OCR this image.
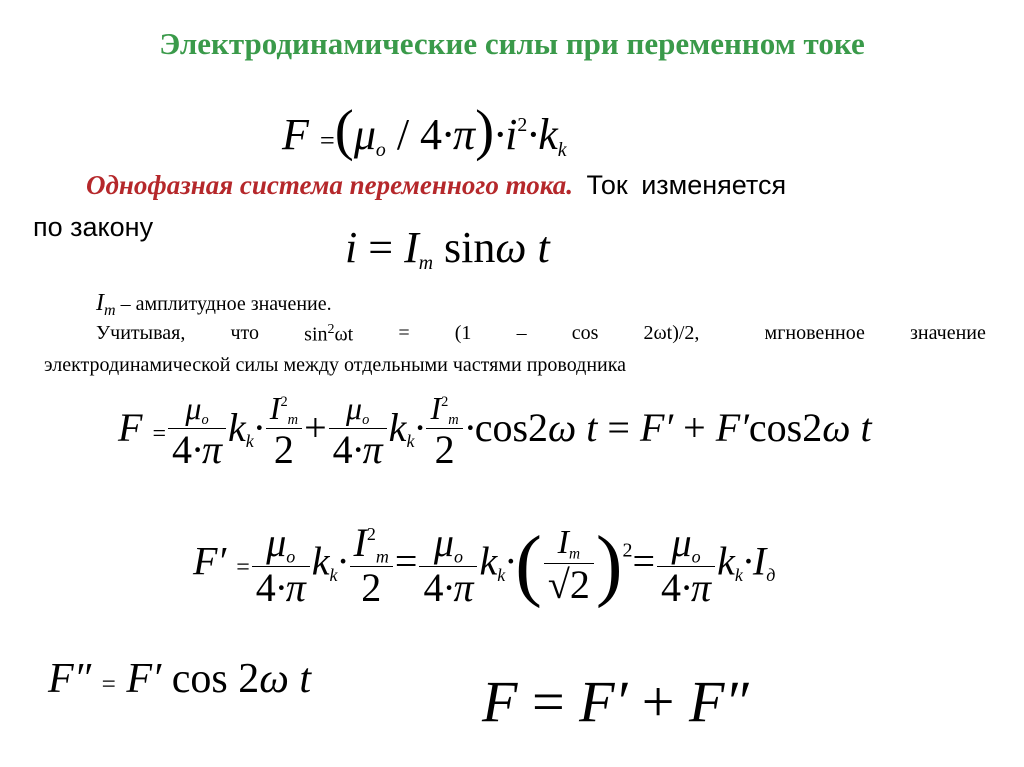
Электродинамические силы при переменном токе
$F =(\mu_o / 4\cdot\pi)\cdot i^2\cdot k_k$
Однофазная система переменного тока. Ток изменяется
по закону	$i = I_m$ sinω t
$I_m$ – амплитудное значение.
Учитывая, что $\sin^2\omega t = (1 - \cos 2\omega t)/2$,	мгновенное значение
электродинамической силы между отдельными частями проводника
$F = \frac{\mu_o}{4\cdot\pi} k_k\cdot \frac{I^2_m}{2} + \frac{\mu_o}{4\cdot\pi} k_k\cdot \frac{I^2_m}{2} \cdot\cos 2\omega$ t = F′ + F′cos2ω t
$F' = \frac{\mu_o}{4\cdot\pi} k_k\cdot \frac{I^2_m}{2} = \frac{\mu_o}{4\cdot\pi} k_k\cdot( \frac{I_m}{√2} )^2= \frac{\mu_o}{4\cdot\pi} k_k\cdot I_д$
F″ = F′ cos 2ω t	F = F′ + F″
